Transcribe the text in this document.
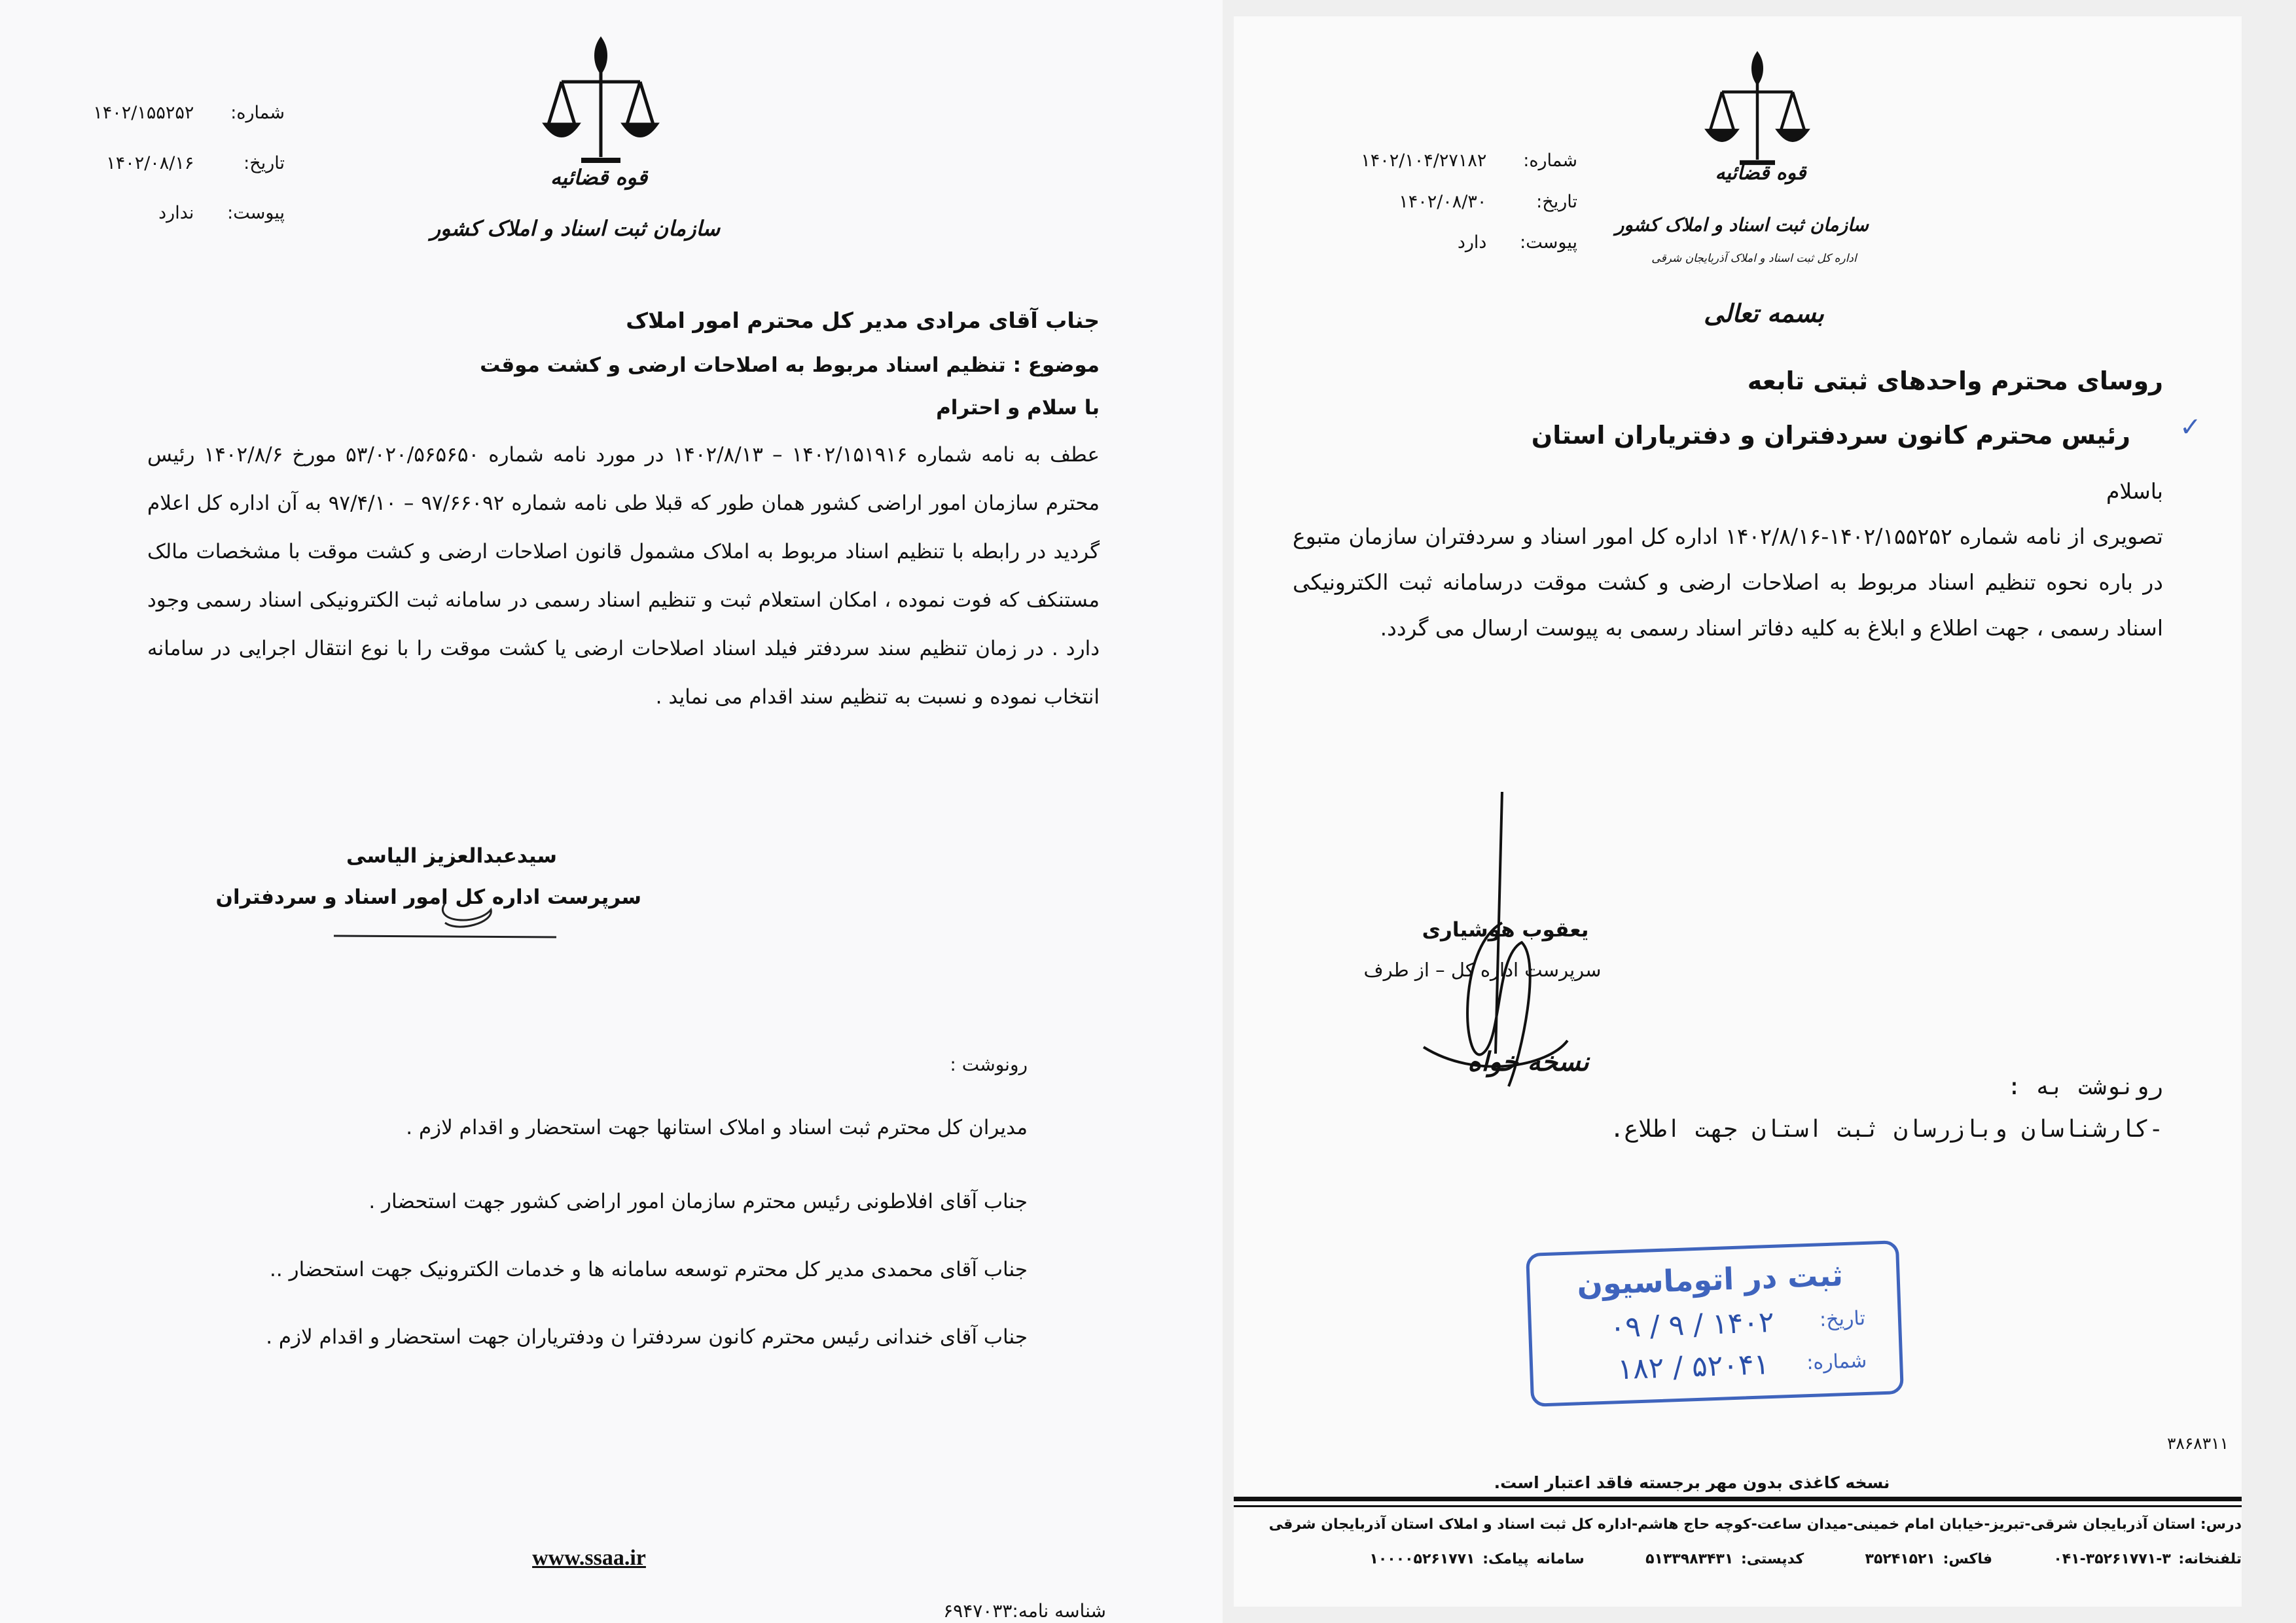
قوه قضائیه
سازمان ثبت اسناد و املاک کشور
شماره: ۱۴۰۲/۱۵۵۲۵۲
تاریخ: ۱۴۰۲/۰۸/۱۶
پیوست: ندارد
جناب آقای مرادی مدیر کل محترم امور املاک
موضوع : تنظیم اسناد مربوط به اصلاحات ارضی و کشت موقت
با سلام و احترام
عطف به نامه شماره ۱۴۰۲/۱۵۱۹۱۶ – ۱۴۰۲/۸/۱۳ در مورد نامه شماره ۵۳/۰۲۰/۵۶۵۶۵۰ مورخ ۱۴۰۲/۸/۶ رئیس محترم سازمان امور اراضی کشور همان طور که قبلا طی نامه شماره ۹۷/۶۶۰۹۲ – ۹۷/۴/۱۰ به آن اداره کل اعلام گردید در رابطه با تنظیم اسناد مربوط به املاک مشمول قانون اصلاحات ارضی و کشت موقت با مشخصات مالک مستنکف که فوت نموده ، امکان استعلام ثبت و تنظیم اسناد رسمی در سامانه ثبت الکترونیکی اسناد رسمی وجود دارد . در زمان تنظیم سند سردفتر فیلد اسناد اصلاحات ارضی یا کشت موقت را با نوع انتقال اجرایی در سامانه انتخاب نموده و نسبت به تنظیم سند اقدام می نماید .
سیدعبدالعزیز الیاسی
سرپرست اداره کل امور اسناد و سردفتران
رونوشت :
مدیران کل محترم ثبت اسناد و املاک استانها جهت استحضار و اقدام لازم .
جناب آقای افلاطونی رئیس محترم سازمان امور اراضی کشور جهت استحضار .
جناب آقای محمدی مدیر کل محترم توسعه سامانه ها و خدمات الکترونیک جهت استحضار ..
جناب آقای خندانی رئیس محترم کانون سردفترا ن ودفتریاران جهت استحضار و اقدام لازم .
www.ssaa.ir
شناسه نامه:۶۹۴۷۰۳۳
قوه قضائیه
سازمان ثبت اسناد و املاک کشور
اداره کل ثبت اسناد و املاک آذربایجان شرقی
بسمه تعالی
شماره: ۱۴۰۲/۱۰۴/۲۷۱۸۲
تاریخ: ۱۴۰۲/۰۸/۳۰
پیوست: دارد
روسای محترم واحدهای ثبتی تابعه
رئیس محترم کانون سردفتران و دفتریاران استان ✓
باسلام
تصویری از نامه شماره ۱۴۰۲/۱۵۵۲۵۲-۱۴۰۲/۸/۱۶ اداره کل امور اسناد و سردفتران سازمان متبوع در باره نحوه تنظیم اسناد مربوط به اصلاحات ارضی و کشت موقت درسامانه ثبت الکترونیکی اسناد رسمی ، جهت اطلاع و ابلاغ به کلیه دفاتر اسناد رسمی به پیوست ارسال می گردد.
یعقوب هوشیاری
سرپرست اداره کل – از طرف
نسخه خواه
رونوشت به :
-کارشناسان وبازرسان ثبت استان جهت اطلاع.
ثبت در اتوماسیون
تاریخ:
۱۴۰۲ / ۹ / ۰۹
شماره:
۵۲۰۴۱ / ۱۸۲
۳۸۶۸۳۱۱
نسخه کاغذی بدون مهر برجسته فاقد اعتبار است.
درس: استان آذربایجان شرقی-تبریز-خیابان امام خمینی-میدان ساعت-کوچه حاج هاشم-اداره کل ثبت اسناد و املاک استان آذربایجان شرقی
تلفنخانه: ۳-۳۵۲۶۱۷۷۱-۰۴۱  فاکس: ۳۵۲۴۱۵۲۱  کدپستی: ۵۱۳۳۹۸۳۴۳۱  سامانه پیامک: ۱۰۰۰۰۵۲۶۱۷۷۱
